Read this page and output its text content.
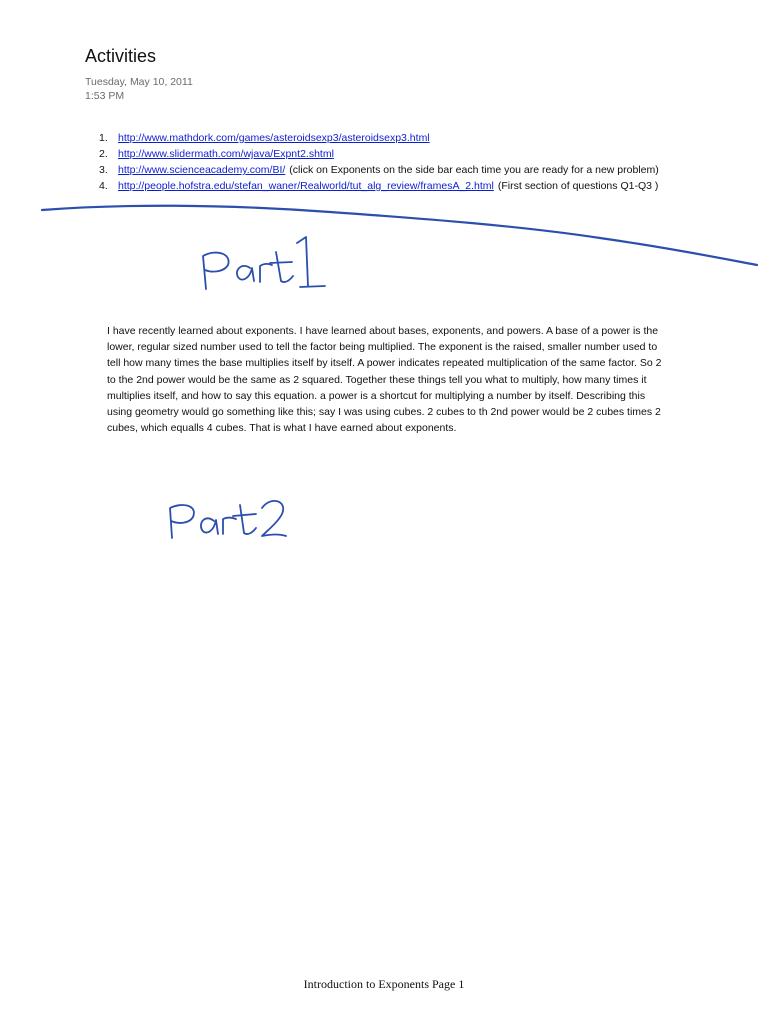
Activities
Tuesday, May 10, 2011
1:53 PM
1. http://www.mathdork.com/games/asteroidsexp3/asteroidsexp3.html
2. http://www.slidermath.com/wjava/Expnt2.shtml
3. http://www.scienceacademy.com/BI/ (click on Exponents on the side bar each time you are ready for a new problem)
4. http://people.hofstra.edu/stefan_waner/Realworld/tut_alg_review/framesA_2.html (First section of questions Q1-Q3 )

I have recently learned about exponents. I have learned about bases, exponents, and powers. A base of a power is the lower, regular sized number used to tell the factor being multiplied. The exponent is the raised, smaller number used to tell how many times the base multiplies itself by itself. A power indicates repeated multiplication of the same factor. So 2 to the 2nd power would be the same as 2 squared. Together these things tell you what to multiply, how many times it multiplies itself, and how to say this equation. a power is a shortcut for multiplying a number by itself. Describing this using geometry would go something like this; say I was using cubes. 2 cubes to th 2nd power would be 2 cubes times 2 cubes, which equalls 4 cubes. That is what I have earned about exponents.

Introduction to Exponents Page 1
